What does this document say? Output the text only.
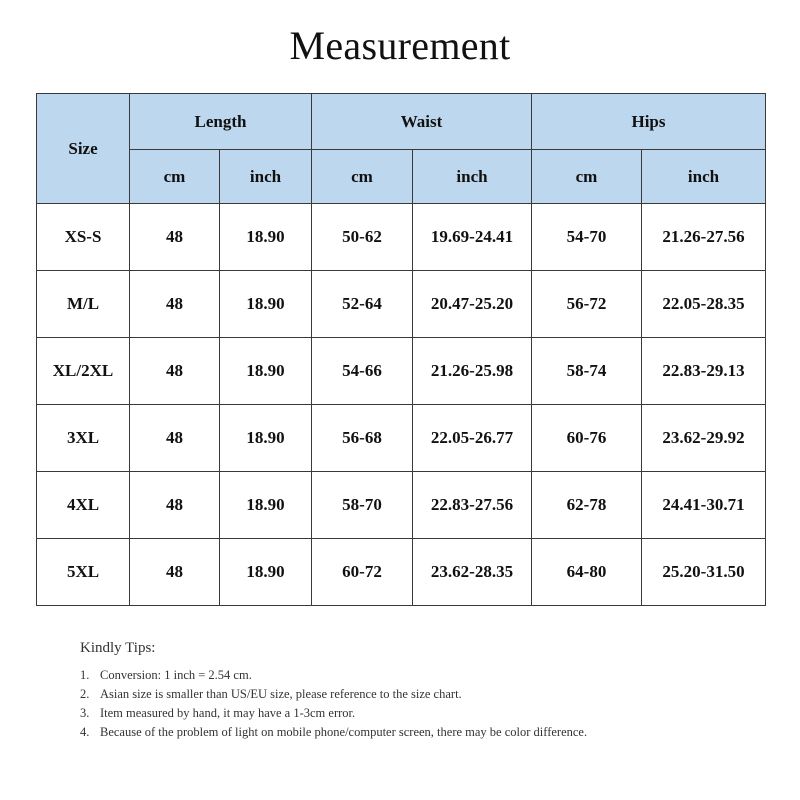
Measurement
Size	Length		Waist		Hips	
	cm	inch	cm	inch	cm	inch
XS-S	48	18.90	50-62	19.69-24.41	54-70	21.26-27.56
M/L	48	18.90	52-64	20.47-25.20	56-72	22.05-28.35
XL/2XL	48	18.90	54-66	21.26-25.98	58-74	22.83-29.13
3XL	48	18.90	56-68	22.05-26.77	60-76	23.62-29.92
4XL	48	18.90	58-70	22.83-27.56	62-78	24.41-30.71
5XL	48	18.90	60-72	23.62-28.35	64-80	25.20-31.50
Kindly Tips:
1. Conversion: 1 inch = 2.54 cm.
2. Asian size is smaller than US/EU size, please reference to the size chart.
3. Item measured by hand, it may have a 1-3cm error.
4. Because of the problem of light on mobile phone/computer screen, there may be color difference.
